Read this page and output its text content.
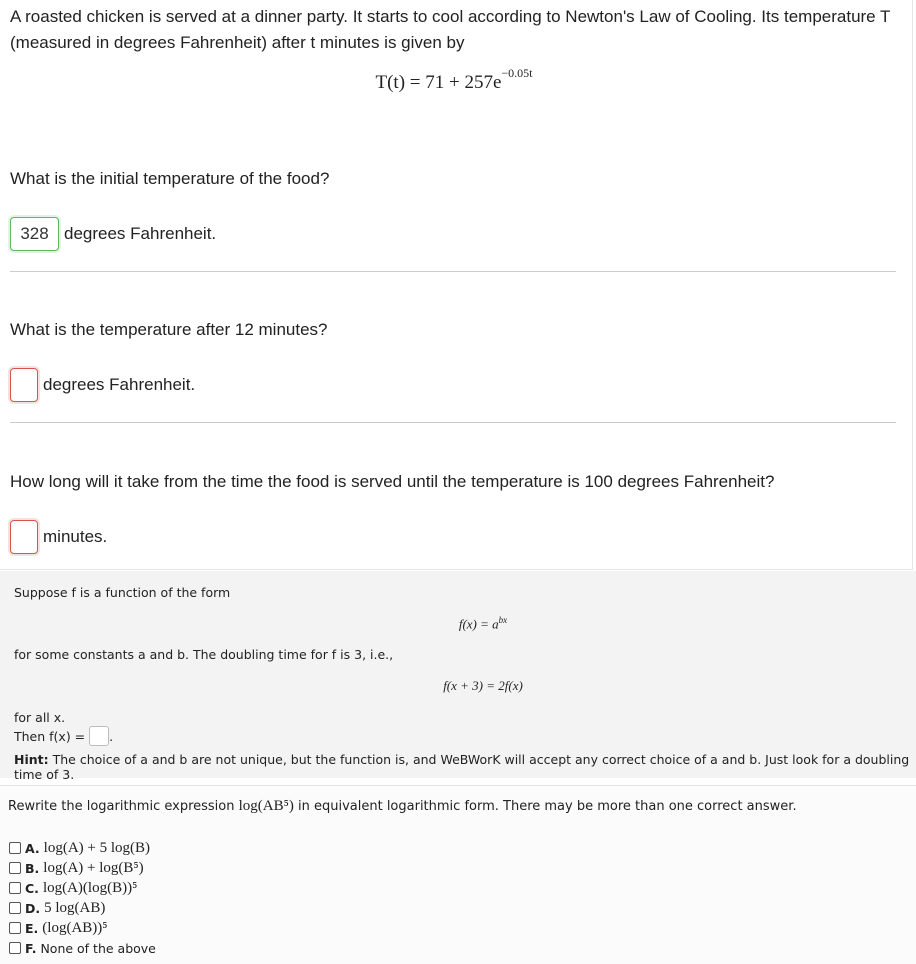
A roasted chicken is served at a dinner party. It starts to cool according to Newton's Law of Cooling. Its temperature T (measured in degrees Fahrenheit) after t minutes is given by
$T(t) = 71 + 257e^{-0.05t}$
What is the initial temperature of the food?
328 degrees Fahrenheit.
What is the temperature after 12 minutes?
degrees Fahrenheit.
How long will it take from the time the food is served until the temperature is 100 degrees Fahrenheit?
minutes.
Suppose f is a function of the form
$f(x) = a^{bx}$
for some constants a and b. The doubling time for f is 3, i.e.,
f(x + 3) = 2f(x)
for all x.
Then f(x) = .
Hint: The choice of a and b are not unique, but the function is, and WeBWorK will accept any correct choice of a and b. Just look for a doubling time of 3.
Rewrite the logarithmic expression log(AB⁵) in equivalent logarithmic form. There may be more than one correct answer.
A. log(A) + 5 log(B)
B. log(A) + log(B⁵)
C. log(A)(log(B))⁵
D. 5 log(AB)
E. (log(AB))⁵
F. None of the above
